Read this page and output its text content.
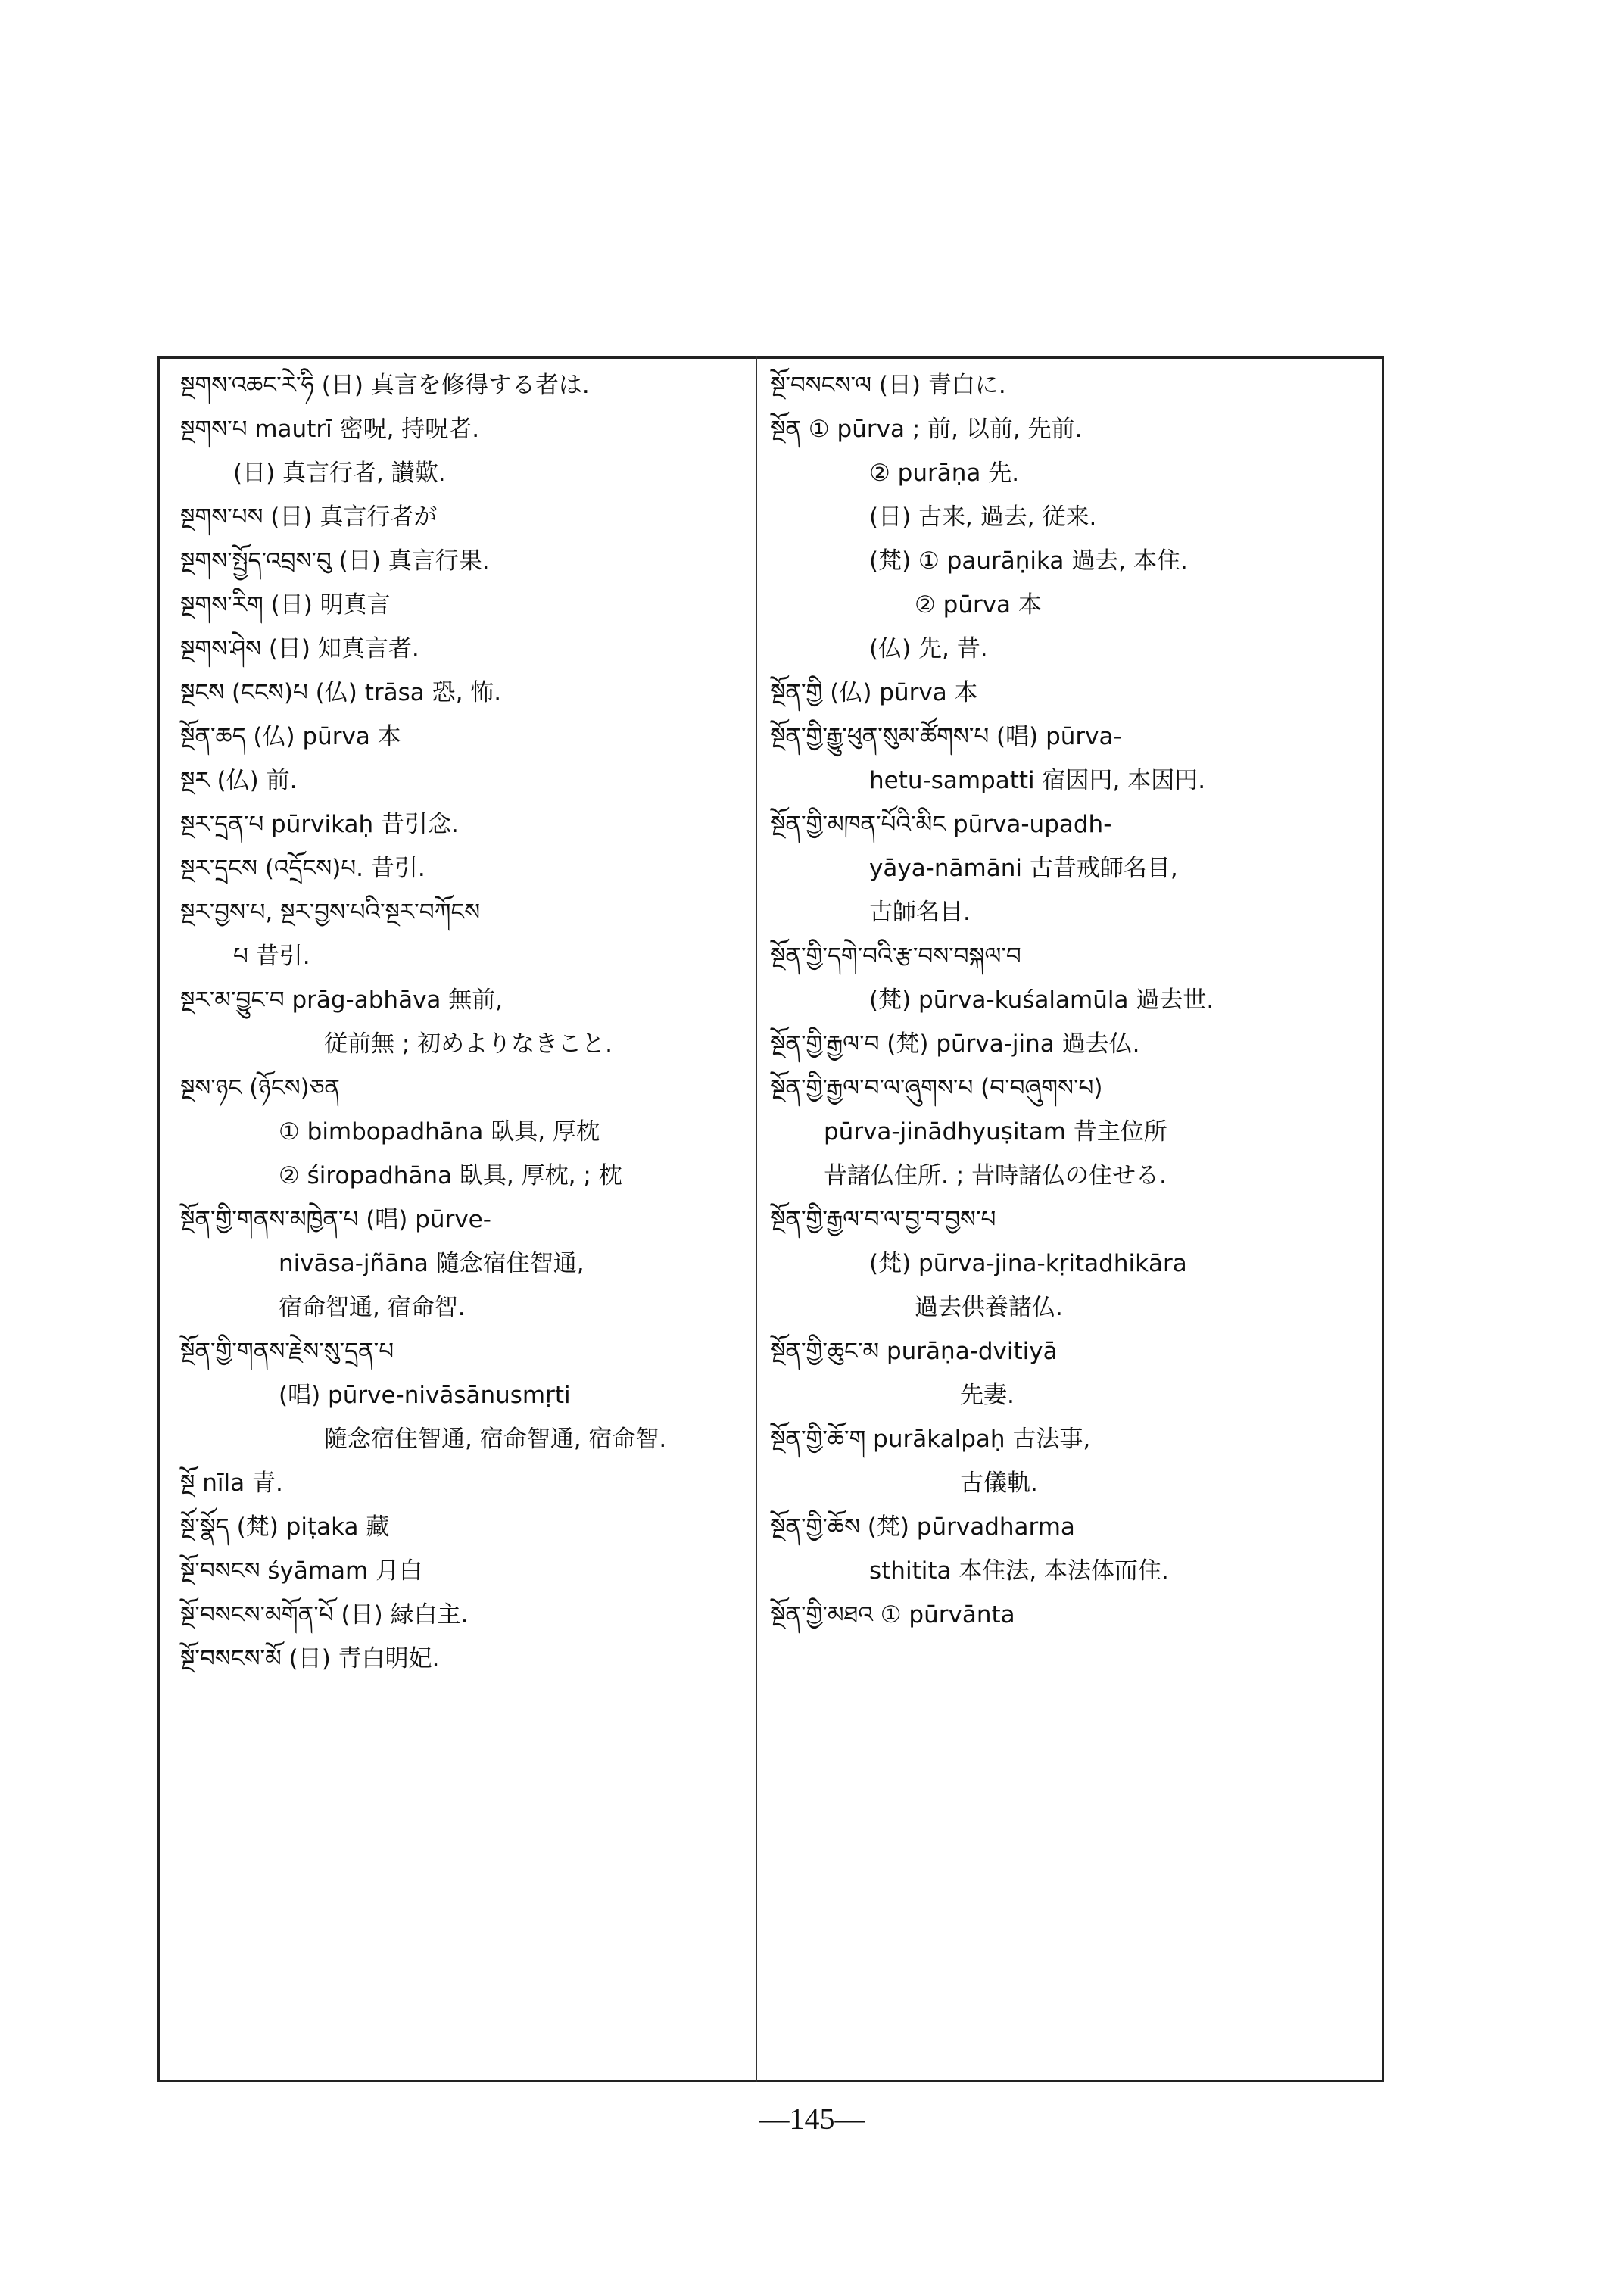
སྔགས་འཆང་རེ་ཧི (日) 真言を修得する者は.
སྔགས་པ mautrī 密呪, 持呪者.
(日) 真言行者, 讃歎.
སྔགས་པས (日) 真言行者が
སྔགས་སྤྱོད་འབྲས་བུ (日) 真言行果.
སྔགས་རིག (日) 明真言
སྔགས་ཤེས (日) 知真言者.
སྔངས (ངངས)པ (仏) trāsa 恐, 怖.
སྔོན་ཆད (仏) pūrva 本
སྔར (仏) 前.
སྔར་དྲན་པ pūrvikaḥ 昔引念.
སྔར་དྲངས (འདྲོངས)པ. 昔引.
སྔར་བྱས་པ, སྔར་བྱས་པའི་སྔར་བཀོངས
པ 昔引.
སྔར་མ་བྱུང་བ prāg-abhāva 無前,
従前無 ; 初めよりなきこと.
སྔས་ཉང (ཉོངས)ཅན
① bimbopadhāna 臥具, 厚枕
② śiropadhāna 臥具, 厚枕, ; 枕
སྔོན་གྱི་གནས་མཁྱེན་པ (唱) pūrve-
nivāsa-jñāna 隨念宿住智通,
宿命智通, 宿命智.
སྔོན་གྱི་གནས་རྗེས་སུ་དྲན་པ
(唱) pūrve-nivāsānusmṛti
隨念宿住智通, 宿命智通, 宿命智.
སྔོ nīla 青.
སྔོ་སྣོད (梵) piṭaka 藏
སྔོ་བསངས śyāmam 月白
སྔོ་བསངས་མགོན་པོ (日) 緑白主.
སྔོ་བསངས་མོ (日) 青白明妃.
སྔོ་བསངས་ལ (日) 青白に.
སྔོན ① pūrva ; 前, 以前, 先前.
② purāṇa 先.
(日) 古来, 過去, 従来.
(梵) ① paurāṇika 過去, 本住.
② pūrva 本
(仏) 先, 昔.
སྔོན་གྱི (仏) pūrva 本
སྔོན་གྱི་རྒྱུ་ཕུན་སུམ་ཚོགས་པ (唱) pūrva-
hetu-sampatti 宿因円, 本因円.
སྔོན་གྱི་མཁན་པོའི་མིང pūrva-upadh-
yāya-nāmāni 古昔戒師名目,
古師名目.
སྔོན་གྱི་དགེ་བའི་རྩ་བས་བསྐལ་བ
(梵) pūrva-kuśalamūla 過去世.
སྔོན་གྱི་རྒྱལ་བ (梵) pūrva-jina 過去仏.
སྔོན་གྱི་རྒྱལ་བ་ལ་ཞུགས་པ (བ་བཞུགས་པ)
pūrva-jinādhyuṣitam 昔主位所
昔諸仏住所. ; 昔時諸仏の住せる.
སྔོན་གྱི་རྒྱལ་བ་ལ་བྱ་བ་བྱས་པ
(梵) pūrva-jina-kṛitadhikāra
過去供養諸仏.
སྔོན་གྱི་ཆུང་མ purāṇa-dvitiyā
先妻.
སྔོན་གྱི་ཆོ་ག purākalpaḥ 古法事,
古儀軌.
སྔོན་གྱི་ཆོས (梵) pūrvadharma
sthitita 本住法, 本法体而住.
སྔོན་གྱི་མཐའ ① pūrvānta
—145—
